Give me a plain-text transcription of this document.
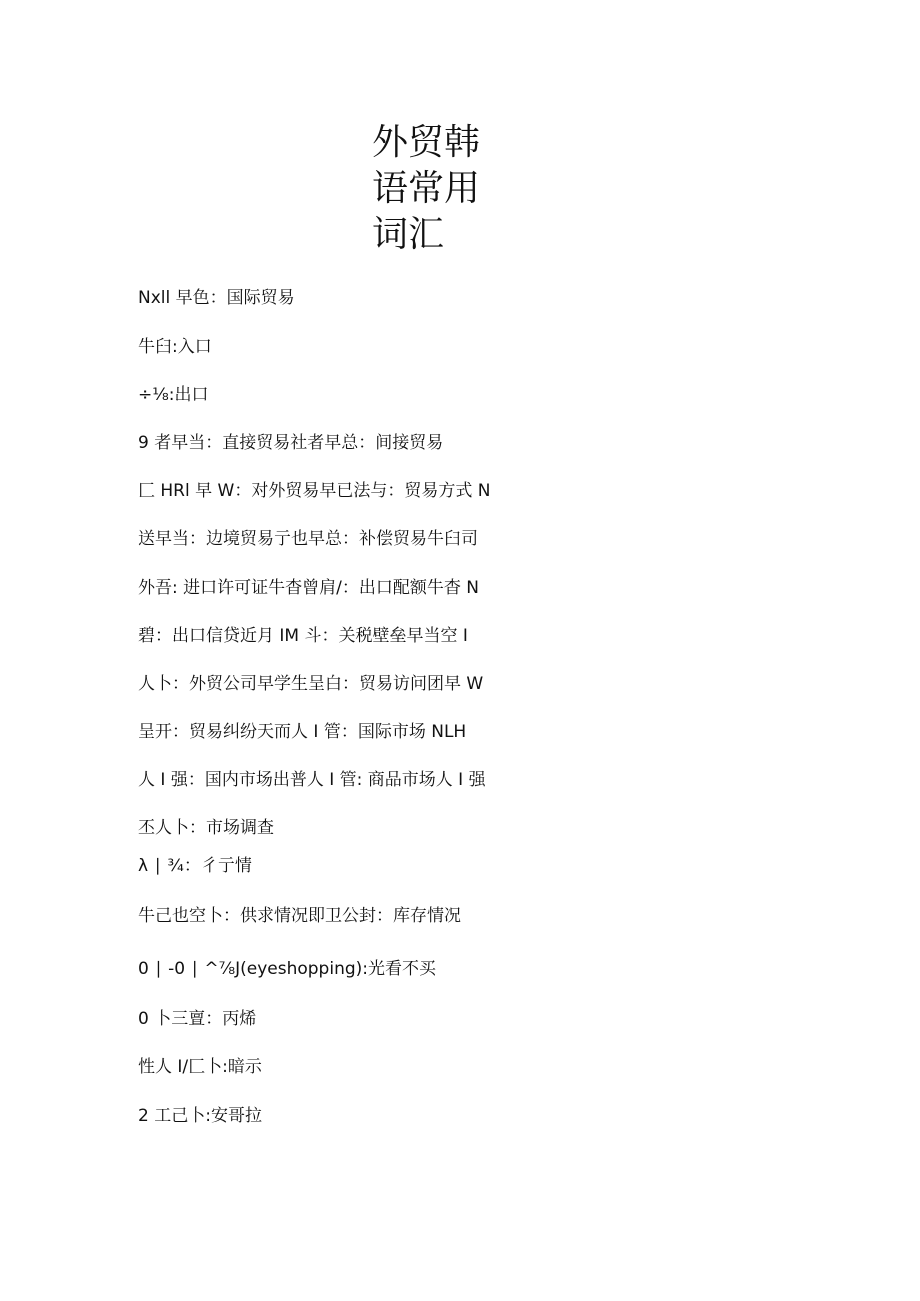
外贸韩
语常用
词汇
Nxll 早色：国际贸易
牛臼:入口
÷⅛:出口
9 者早当：直接贸易社者早总：间接贸易
匚 HRl 早 W：对外贸易早已法与：贸易方式 N
送早当：边境贸易亍也早总：补偿贸易牛臼司
外吾: 进口许可证牛杳曾肩/：出口配额牛杳 N
碧：出口信贷近月 IM 斗：关税壁垒早当空 I
人卜：外贸公司早学生呈白：贸易访问团早 W
呈开：贸易纠纷天而人 I 管：国际市场 NLH
人 I 强：国内市场出普人 I 管: 商品市场人 I 强
丕人卜：市场调查
λ ∣ ¾：彳亍情
牛己也空卜：供求情况即卫公封：库存情况
0 ∣ -0 ∣ ^⅞J(eyeshopping):光看不买
0 卜三亶：丙烯
性人 I/匚卜:暗示
2 工己卜:安哥拉
